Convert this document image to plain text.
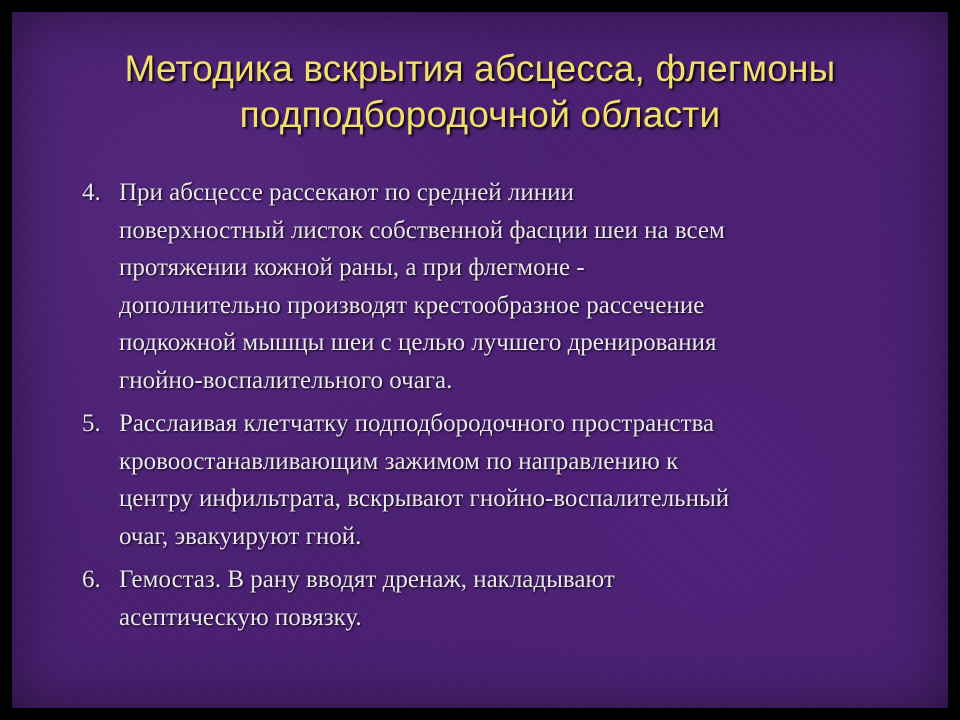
Методика вскрытия абсцесса, флегмоны
подподбородочной области
4. При абсцессе рассекают по средней линии
поверхностный листок собственной фасции шеи на всем
протяжении кожной раны, а при флегмоне -
дополнительно производят крестообразное рассечение
подкожной мышцы шеи с целью лучшего дренирования
гнойно-воспалительного очага.
5. Расслаивая клетчатку подподбородочного пространства
кровоостанавливающим зажимом по направлению к
центру инфильтрата, вскрывают гнойно-воспалительный
очаг, эвакуируют гной.
6. Гемостаз. В рану вводят дренаж, накладывают
асептическую повязку.
